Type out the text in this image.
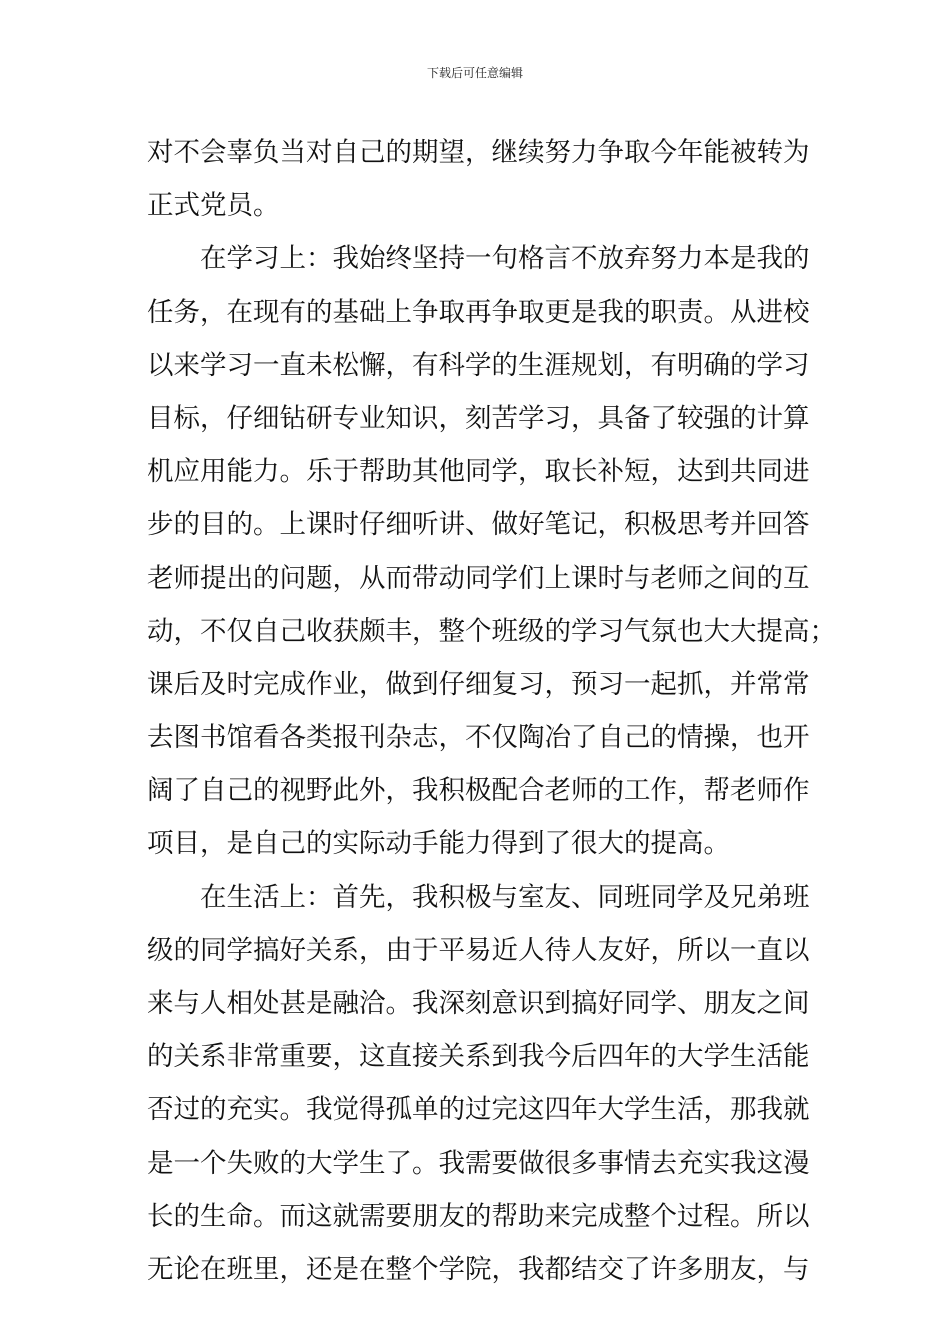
下载后可任意编辑
对不会辜负当对自己的期望，继续努力争取今年能被转为
正式党员。
在学习上：我始终坚持一句格言不放弃努力本是我的
任务，在现有的基础上争取再争取更是我的职责。从进校
以来学习一直未松懈，有科学的生涯规划，有明确的学习
目标，仔细钻研专业知识，刻苦学习，具备了较强的计算
机应用能力。乐于帮助其他同学，取长补短，达到共同进
步的目的。上课时仔细听讲、做好笔记，积极思考并回答
老师提出的问题，从而带动同学们上课时与老师之间的互
动，不仅自己收获颇丰，整个班级的学习气氛也大大提高；
课后及时完成作业，做到仔细复习，预习一起抓，并常常
去图书馆看各类报刊杂志，不仅陶冶了自己的情操，也开
阔了自己的视野此外，我积极配合老师的工作，帮老师作
项目，是自己的实际动手能力得到了很大的提高。
在生活上：首先，我积极与室友、同班同学及兄弟班
级的同学搞好关系，由于平易近人待人友好，所以一直以
来与人相处甚是融洽。我深刻意识到搞好同学、朋友之间
的关系非常重要，这直接关系到我今后四年的大学生活能
否过的充实。我觉得孤单的过完这四年大学生活，那我就
是一个失败的大学生了。我需要做很多事情去充实我这漫
长的生命。而这就需要朋友的帮助来完成整个过程。所以
无论在班里，还是在整个学院，我都结交了许多朋友，与
